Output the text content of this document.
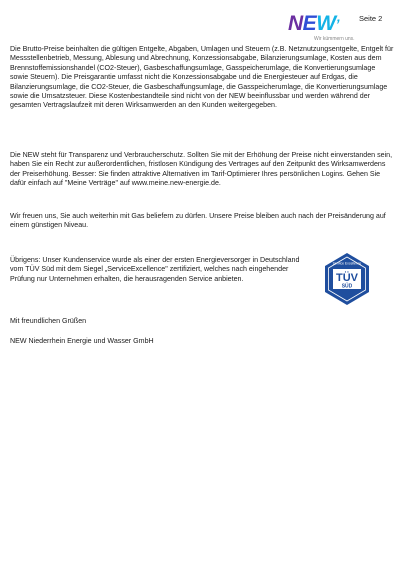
NEW’
Wir kümmern uns.
Seite 2

Die Brutto-Preise beinhalten die gültigen Entgelte, Abgaben, Umlagen und Steuern (z.B. Netznutzungsentgelte, Entgelt für Messstellenbetrieb, Messung, Ablesung und Abrechnung, Konzessionsabgabe, Bilanzierungsumlage, Kosten aus dem Brennstoffemissionshandel (CO2-Steuer), Gasbeschaffungsumlage, Gasspeicherumlage, die Konvertierungsumlage sowie Steuern). Die Preisgarantie umfasst nicht die Konzessionsabgabe und die Energiesteuer auf Erdgas, die Bilanzierungsumlage, die CO2-Steuer, die Gasbeschaffungsumlage, die Gasspeicherumlage, die Konvertierungsumlage sowie die Umsatzsteuer. Diese Kostenbestandteile sind nicht von der NEW beeinflussbar und werden während der gesamten Vertragslaufzeit mit deren Wirksamwerden an den Kunden weitergegeben.

Die NEW steht für Transparenz und Verbraucherschutz. Sollten Sie mit der Erhöhung der Preise nicht einverstanden sein, haben Sie ein Recht zur außerordentlichen, fristlosen Kündigung des Vertrages auf den Zeitpunkt des Wirksamwerdens der Preiserhöhung. Besser: Sie finden attraktive Alternativen im Tarif-Optimierer Ihres persönlichen Logins. Gehen Sie dafür einfach auf "Meine Verträge" auf www.meine.new-energie.de.

Wir freuen uns, Sie auch weiterhin mit Gas beliefern zu dürfen. Unsere Preise bleiben auch nach der Preisänderung auf einem günstigen Niveau.

Übrigens: Unser Kundenservice wurde als einer der ersten Energieversorger in Deutschland vom TÜV Süd mit dem Siegel „ServiceExcellence" zertifiziert, welches nach eingehender Prüfung nur Unternehmen erhalten, die herausragenden Service anbieten.

Service Excellence
TÜV
SÜD

Mit freundlichen Grüßen

NEW Niederrhein Energie und Wasser GmbH
